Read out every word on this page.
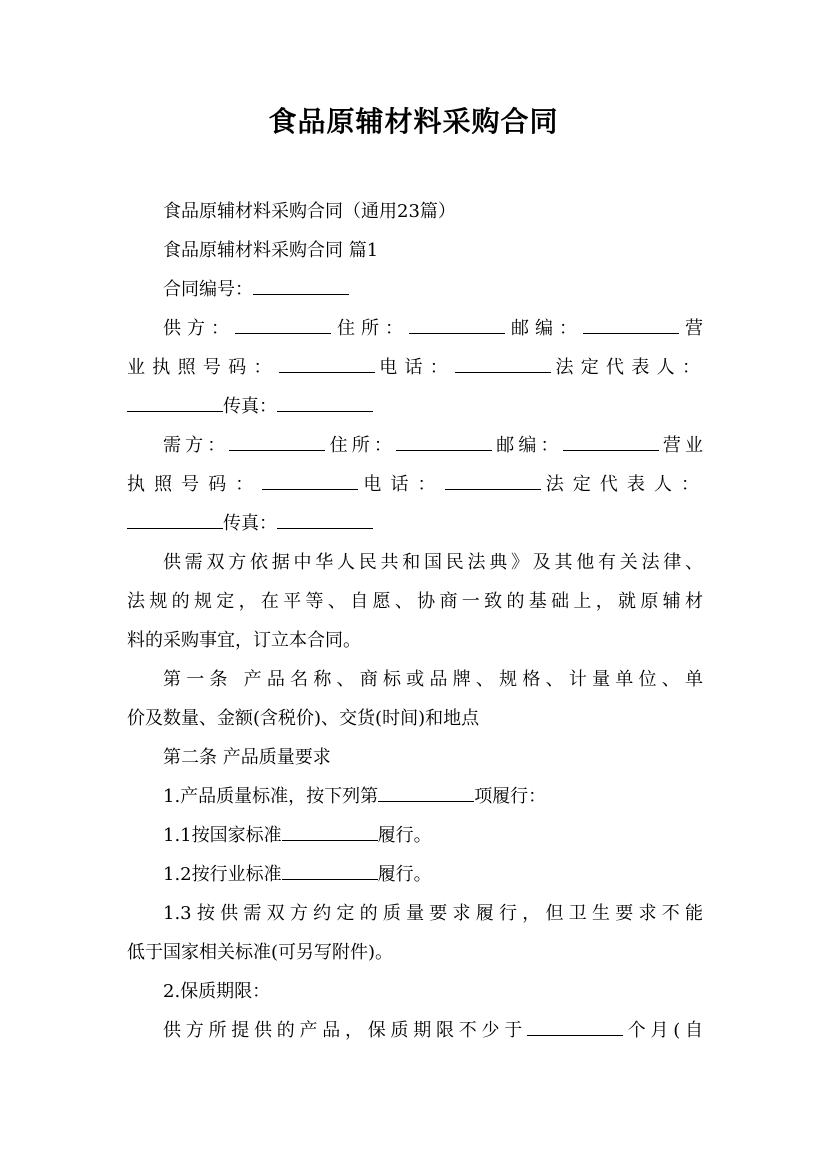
食品原辅材料采购合同
食品原辅材料采购合同（通用23篇）
食品原辅材料采购合同 篇1
合同编号：
供方：	住所：	邮编：	营
业执照号码：	电话：	法定代表人：
传真：
需方：	住所：	邮编：	营业
执照号码：	电话：	法定代表人：
传真：
供需双方依据中华人民共和国民法典》及其他有关法律、
法规的规定，在平等、自愿、协商一致的基础上，就原辅材
料的采购事宜，订立本合同。
第一条 产品名称、商标或品牌、规格、计量单位、单
价及数量、金额(含税价)、交货(时间)和地点
第二条 产品质量要求
1.产品质量标准，按下列第	项履行：
1.1按国家标准	履行。
1.2按行业标准	履行。
1.3按供需双方约定的质量要求履行，但卫生要求不能
低于国家相关标准(可另写附件)。
2.保质期限：
供方所提供的产品，保质期限不少于	个月(自
